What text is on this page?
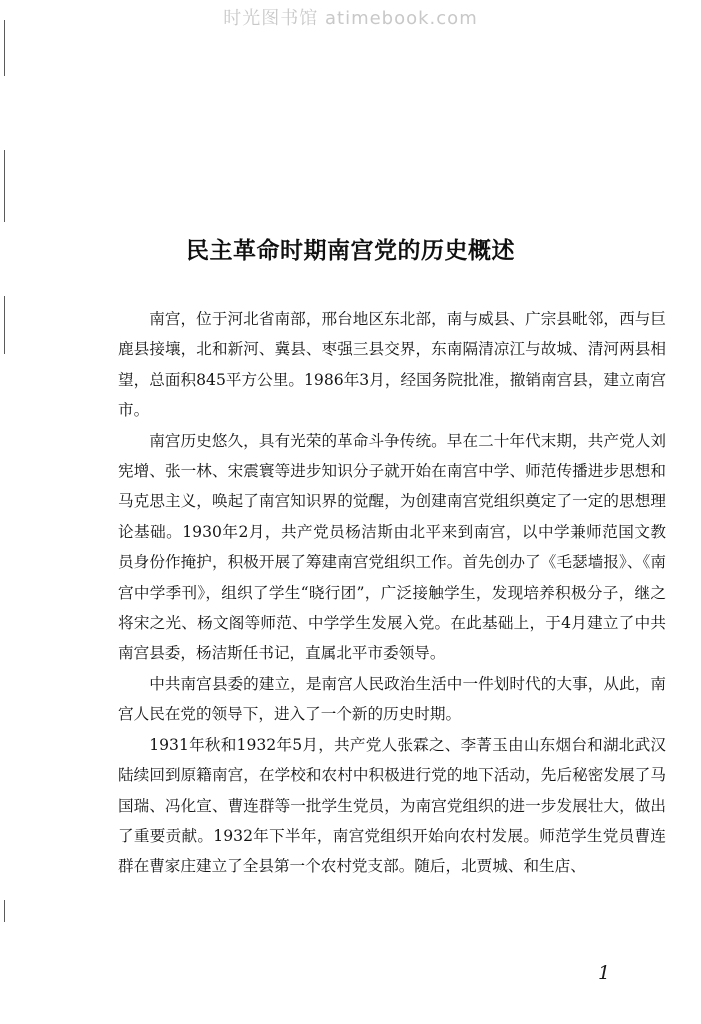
时光图书馆 atimebook.com
民主革命时期南宫党的历史概述

南宫，位于河北省南部，邢台地区东北部，南与威县、广宗县毗邻，西与巨鹿县接壤，北和新河、冀县、枣强三县交界，东南隔清凉江与故城、清河两县相望，总面积845平方公里。1986年3月，经国务院批准，撤销南宫县，建立南宫市。

南宫历史悠久，具有光荣的革命斗争传统。早在二十年代末期，共产党人刘宪增、张一林、宋震寰等进步知识分子就开始在南宫中学、师范传播进步思想和马克思主义，唤起了南宫知识界的觉醒，为创建南宫党组织奠定了一定的思想理论基础。1930年2月，共产党员杨洁斯由北平来到南宫，以中学兼师范国文教员身份作掩护，积极开展了筹建南宫党组织工作。首先创办了《毛瑟墙报》、《南宫中学季刊》，组织了学生“晓行团”，广泛接触学生，发现培养积极分子，继之将宋之光、杨文阁等师范、中学学生发展入党。在此基础上，于4月建立了中共南宫县委，杨洁斯任书记，直属北平市委领导。

中共南宫县委的建立，是南宫人民政治生活中一件划时代的大事，从此，南宫人民在党的领导下，进入了一个新的历史时期。

1931年秋和1932年5月，共产党人张霖之、李菁玉由山东烟台和湖北武汉陆续回到原籍南宫，在学校和农村中积极进行党的地下活动，先后秘密发展了马国瑞、冯化宣、曹连群等一批学生党员，为南宫党组织的进一步发展壮大，做出了重要贡献。1932年下半年，南宫党组织开始向农村发展。师范学生党员曹连群在曹家庄建立了全县第一个农村党支部。随后，北贾城、和生店、

1
